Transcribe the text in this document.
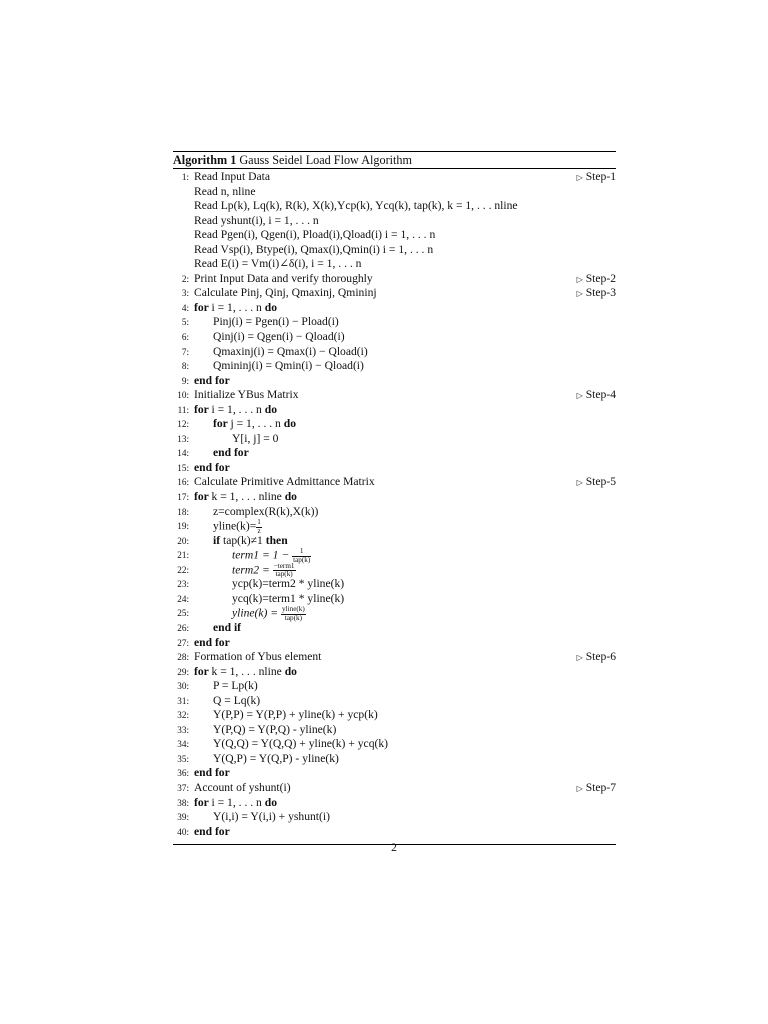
Algorithm 1 Gauss Seidel Load Flow Algorithm
1: Read Input Data	▷ Step-1
Read n, nline
Read Lp(k), Lq(k), R(k), X(k),Ycp(k), Ycq(k), tap(k), k = 1, . . . nline
Read yshunt(i), i = 1, . . . n
Read Pgen(i), Qgen(i), Pload(i),Qload(i) i = 1, . . . n
Read Vsp(i), Btype(i), Qmax(i),Qmin(i) i = 1, . . . n
Read E(i) = Vm(i)∠δ(i), i = 1, . . . n
2: Print Input Data and verify thoroughly	▷ Step-2
3: Calculate Pinj, Qinj, Qmaxinj, Qmininj	▷ Step-3
4: for i = 1, . . . n do
5: Pinj(i) = Pgen(i) − Pload(i)
6: Qinj(i) = Qgen(i) − Qload(i)
7: Qmaxinj(i) = Qmax(i) − Qload(i)
8: Qmininj(i) = Qmin(i) − Qload(i)
9: end for
10: Initialize YBus Matrix	▷ Step-4
11: for i = 1, . . . n do
12: for j = 1, . . . n do
13:	Y[i, j] = 0
14: end for
15: end for
16: Calculate Primitive Admittance Matrix	▷ Step-5
17: for k = 1, . . . nline do
18: z=complex(R(k),X(k))
19: yline(k)= $\frac{1}{z}$
20: if tap(k)≠1 then
21:	term1 = $1 - \frac{1}{\text{tap(k)}}$
22:	term2 = $\frac{\text{−term1}}{\text{tap(k)}}$
23:	ycp(k)=term2 * yline(k)
24:	ycq(k)=term1 * yline(k)
25:	yline(k) = $\frac{\text{yline(k)}}{\text{tap(k)}}$
26: end if
27: end for
28: Formation of Ybus element	▷ Step-6
29: for k = 1, . . . nline do
30: P = Lp(k)
31: Q = Lq(k)
32: Y(P,P) = Y(P,P) + yline(k) + ycp(k)
33: Y(P,Q) = Y(P,Q) - yline(k)
34: Y(Q,Q) = Y(Q,Q) + yline(k) + ycq(k)
35: Y(Q,P) = Y(Q,P) - yline(k)
36: end for
37: Account of yshunt(i)	▷ Step-7
38: for i = 1, . . . n do
39: Y(i,i) = Y(i,i) + yshunt(i)
40: end for
2
